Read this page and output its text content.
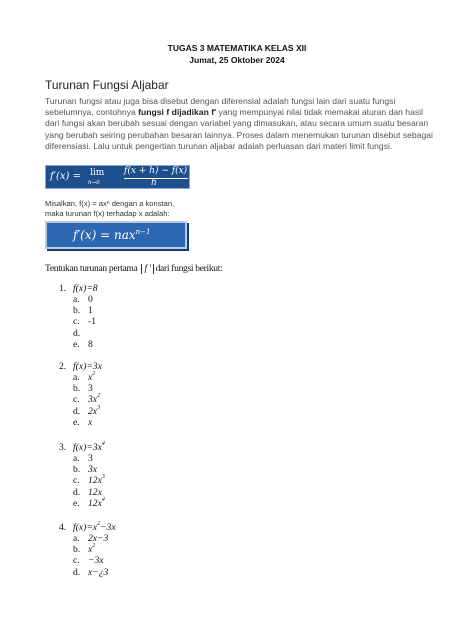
TUGAS 3 MATEMATIKA KELAS XII
Jumat, 25 Oktober 2024
Turunan Fungsi Aljabar
Turunan fungsi atau juga bisa disebut dengan diferensial adalah fungsi lain dari suatu fungsi sebelumnya, contohnya fungsi f dijadikan f' yang mempunyai nilai tidak memakai aturan dan hasil dari fungsi akan berubah sesuai dengan variabel yang dimasukan, atau secara umum suatu besaran yang berubah seiring perubahan besaran lainnya. Proses dalam menemukan turunan disebut sebagai diferensiasi. Lalu untuk pengertian turunan aljabar adalah perluasan dari materi limit fungsi.
f′(x) = lim
h→0
f(x + h) − f(x)
h
Misalkan, f(x) = axⁿ dengan a konstan,
maka turunan f(x) terhadap x adalah:
f′(x) = nax$^{n-1}$
Tentukan turunan pertama f ' dari fungsi berikut:
1. f(x)=8
a. 0
b. 1
c. -1
d.
e. 8
2. f(x)=3x
a. $x^2$
b. 3
c. $3x^2$
d. $2x^3$
e. x
3. $f(x)=3x^4$
a. 3
b. 3x
c. $12x^3$
d. 12x
e. $12x^4$
4. $f(x)=x^2-3x$
a. 2x−3
b. $x^2$
c. −3x
d. x−¿3
